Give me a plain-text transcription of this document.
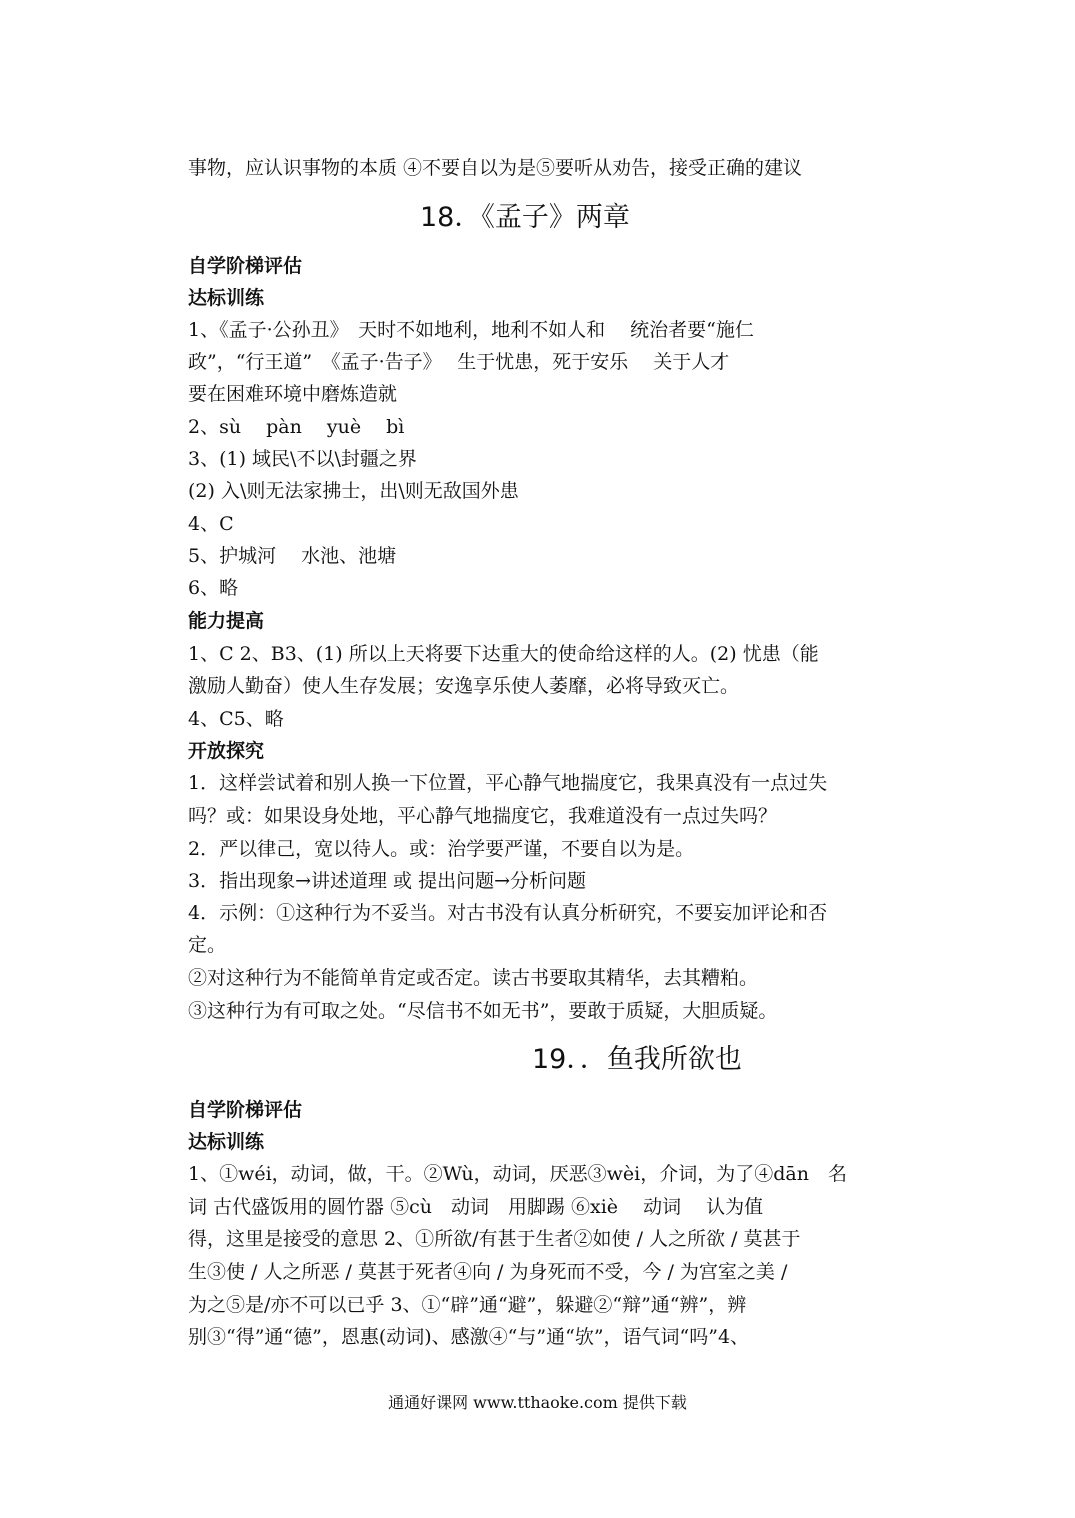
事物，应认识事物的本质 ④不要自以为是⑤要听从劝告，接受正确的建议
18．《孟子》两章
自学阶梯评估
达标训练
1、《孟子·公孙丑》　天时不如地利，地利不如人和　 统治者要“施仁
政”，“行王道”　《孟子·告子》　 生于忧患，死于安乐　 关于人才
要在困难环境中磨炼造就
2、sù　 pàn　 yuè　 bì
3、(1) 域民\不以\封疆之界
(2) 入\则无法家拂士，出\则无敌国外患
4、C
5、护城河　 水池、池塘
6、略
能力提高
1、C 2、B3、(1) 所以上天将要下达重大的使命给这样的人。(2) 忧患（能
激励人勤奋）使人生存发展；安逸享乐使人萎靡，必将导致灭亡。
4、C5、略
开放探究
1．这样尝试着和别人换一下位置，平心静气地揣度它，我果真没有一点过失
吗？或：如果设身处地，平心静气地揣度它，我难道没有一点过失吗？
2．严以律己，宽以待人。或：治学要严谨，不要自以为是。
3．指出现象→讲述道理 或 提出问题→分析问题
4．示例：①这种行为不妥当。对古书没有认真分析研究，不要妄加评论和否
定。
②对这种行为不能简单肯定或否定。读古书要取其精华，去其糟粕。
③这种行为有可取之处。“尽信书不如无书”，要敢于质疑，大胆质疑。
19．．鱼我所欲也
自学阶梯评估
达标训练
1、①wéi，动词，做，干。②Wù，动词，厌恶③wèi，介词，为了④dān　名
词 古代盛饭用的圆竹器 ⑤cù　动词　用脚踢 ⑥xiè　 动词　 认为值
得，这里是接受的意思 2、①所欲/有甚于生者②如使 / 人之所欲 / 莫甚于
生③使 / 人之所恶 / 莫甚于死者④向 / 为身死而不受，今 / 为宫室之美 /
为之⑤是/亦不可以已乎 3、①“辟”通“避”，躲避②“辩”通“辨”，辨
别③“得”通“德”，恩惠(动词)、感激④“与”通“欤”，语气词“吗”4、
通通好课网 www.tthaoke.com 提供下载
